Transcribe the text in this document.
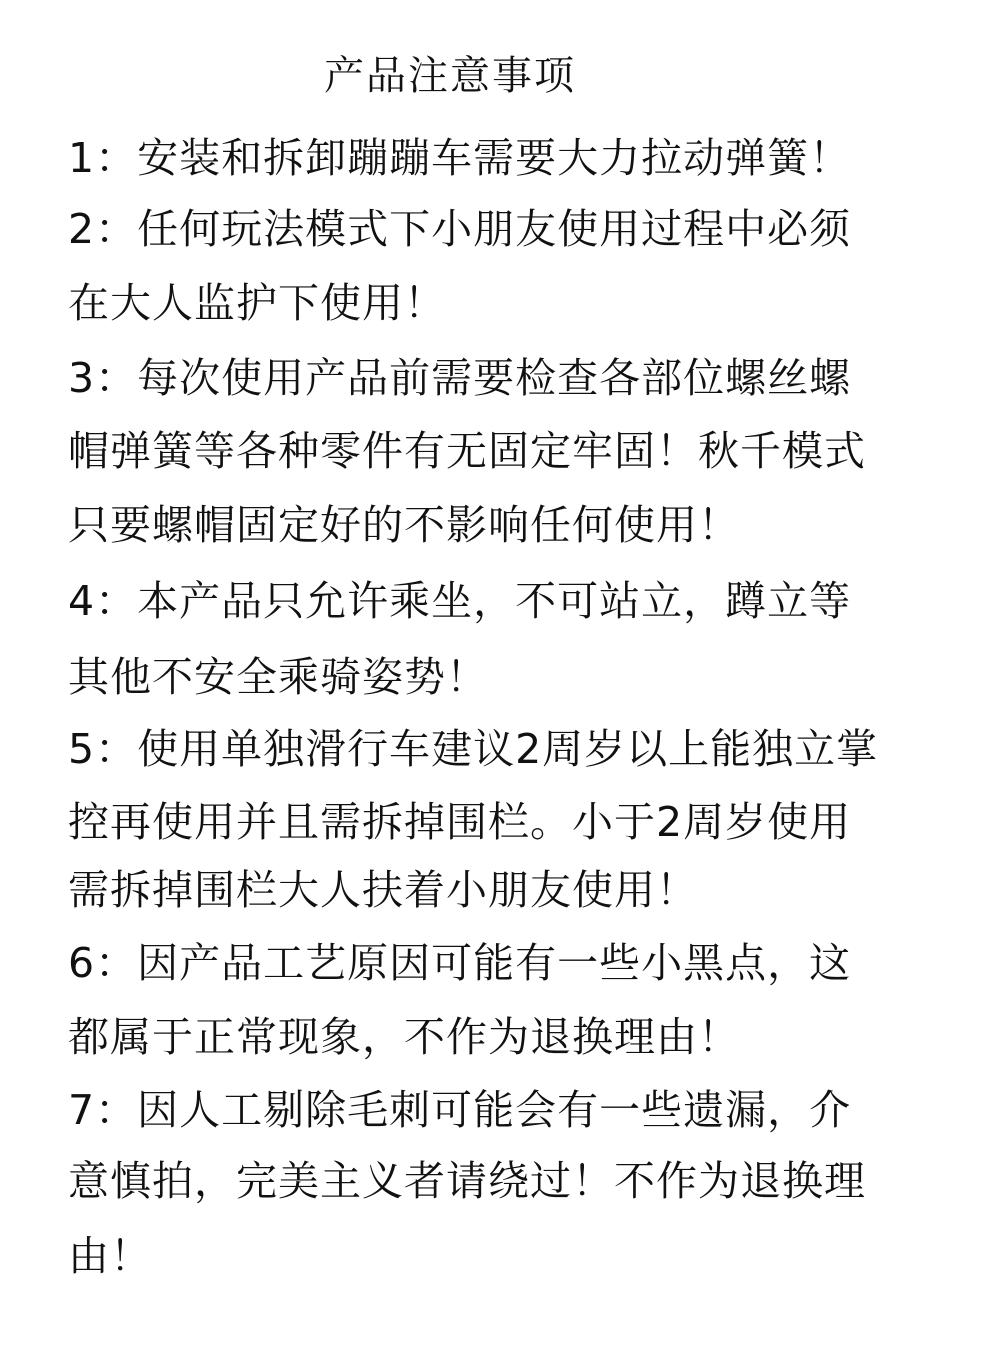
产品注意事项
1：安装和拆卸蹦蹦车需要大力拉动弹簧！
2：任何玩法模式下小朋友使用过程中必须
在大人监护下使用！
3：每次使用产品前需要检查各部位螺丝螺
帽弹簧等各种零件有无固定牢固！秋千模式
只要螺帽固定好的不影响任何使用！
4：本产品只允许乘坐，不可站立，蹲立等
其他不安全乘骑姿势！
5：使用单独滑行车建议2周岁以上能独立掌
控再使用并且需拆掉围栏。小于2周岁使用
需拆掉围栏大人扶着小朋友使用！
6：因产品工艺原因可能有一些小黑点，这
都属于正常现象，不作为退换理由！
7：因人工剔除毛刺可能会有一些遗漏，介
意慎拍，完美主义者请绕过！不作为退换理
由！
